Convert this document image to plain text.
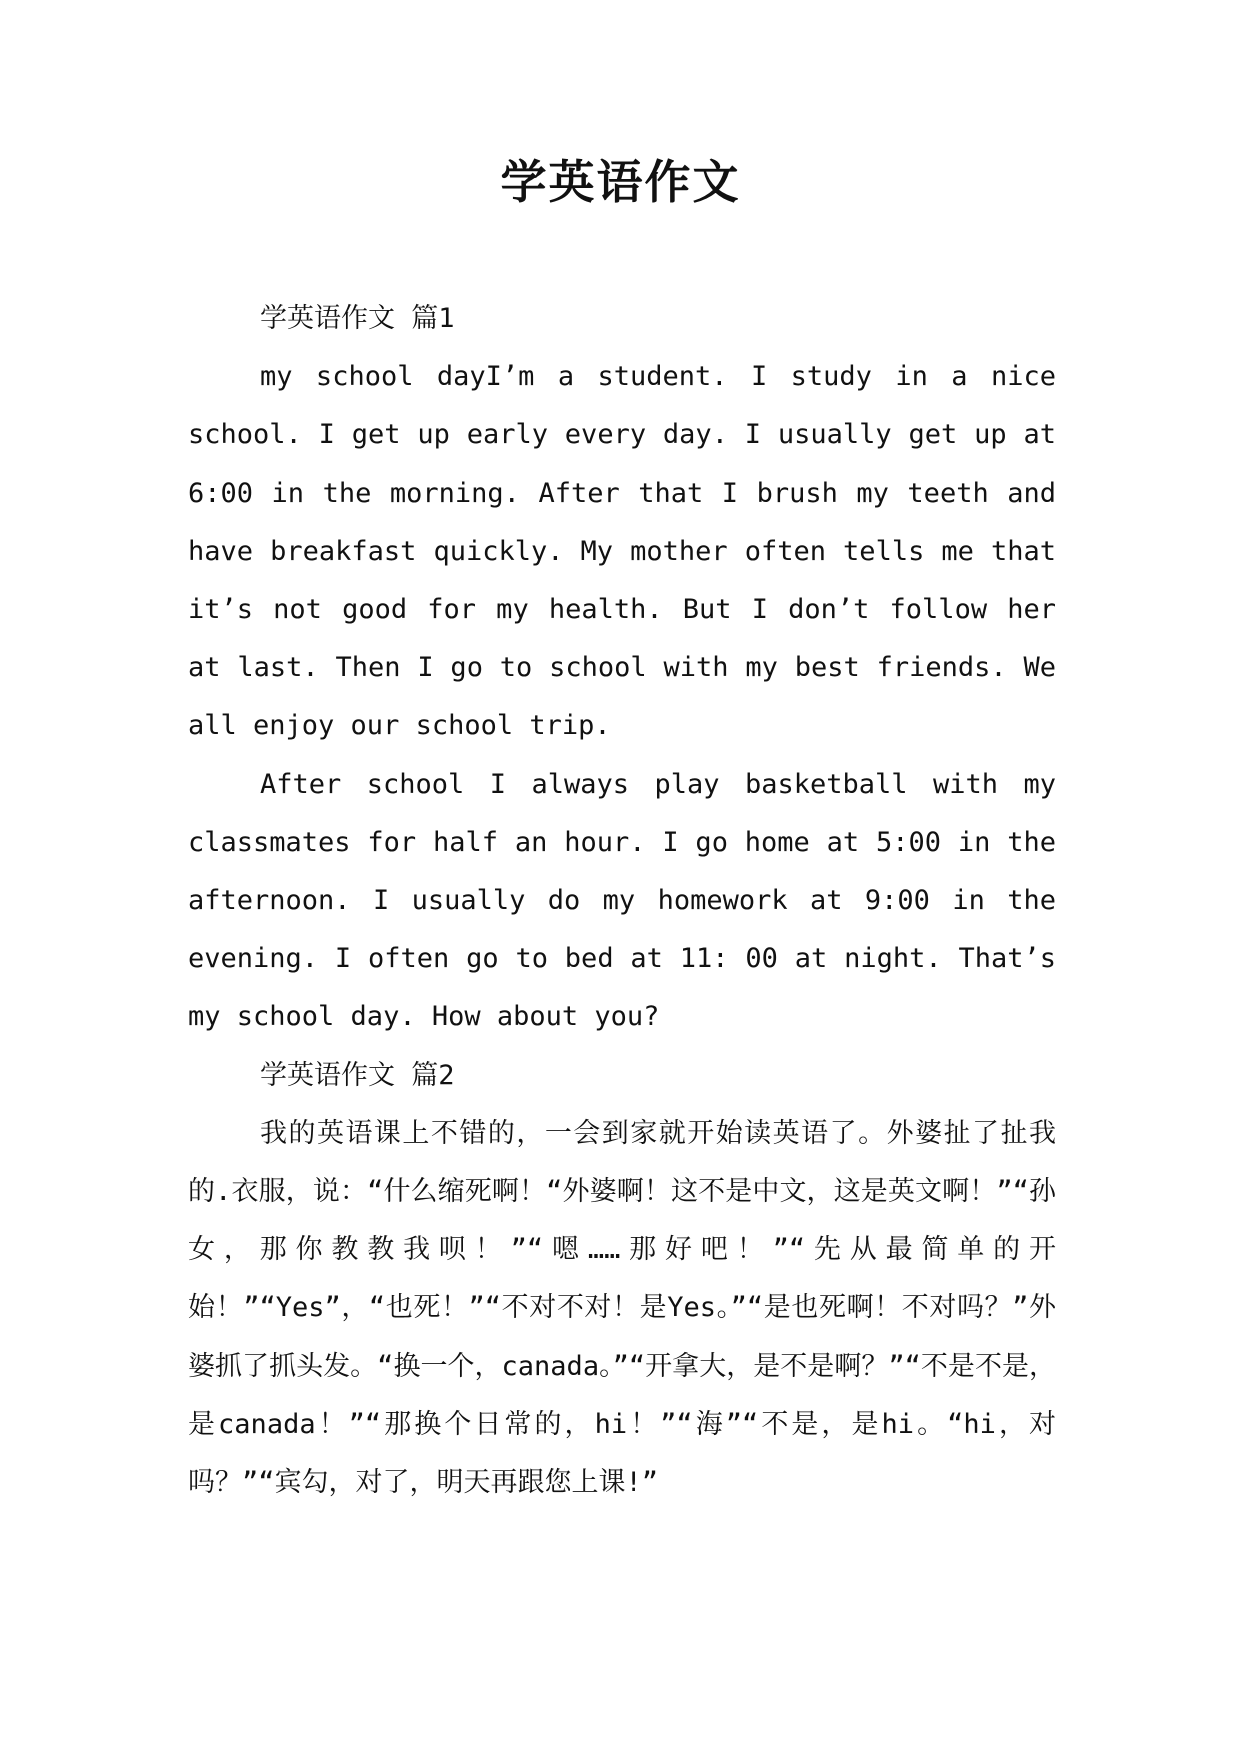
学英语作文

学英语作文 篇1

my school dayI’m a student. I study in a nice school. I get up early every day. I usually get up at 6:00 in the morning. After that I brush my teeth and have breakfast quickly. My mother often tells me that it’s not good for my health. But I don’t follow her at last. Then I go to school with my best friends. We all enjoy our school trip.

After school I always play basketball with my classmates for half an hour. I go home at 5:00 in the afternoon. I usually do my homework at 9:00 in the evening. I often go to bed at 11: 00 at night. That’s my school day. How about you?

学英语作文 篇2

我的英语课上不错的，一会到家就开始读英语了。外婆扯了扯我的.衣服，说：“什么缩死啊！“外婆啊！这不是中文，这是英文啊！”“孙女，那你教教我呗！”“嗯……那好吧！”“先从最简单的开始！”“Yes”，“也死！”“不对不对！是Yes。”“是也死啊！不对吗？”外婆抓了抓头发。“换一个，canada。”“开拿大，是不是啊？”“不是不是，是canada！”“那换个日常的，hi！”“海”“不是，是hi。“hi，对吗？”“宾勾，对了，明天再跟您上课!”
